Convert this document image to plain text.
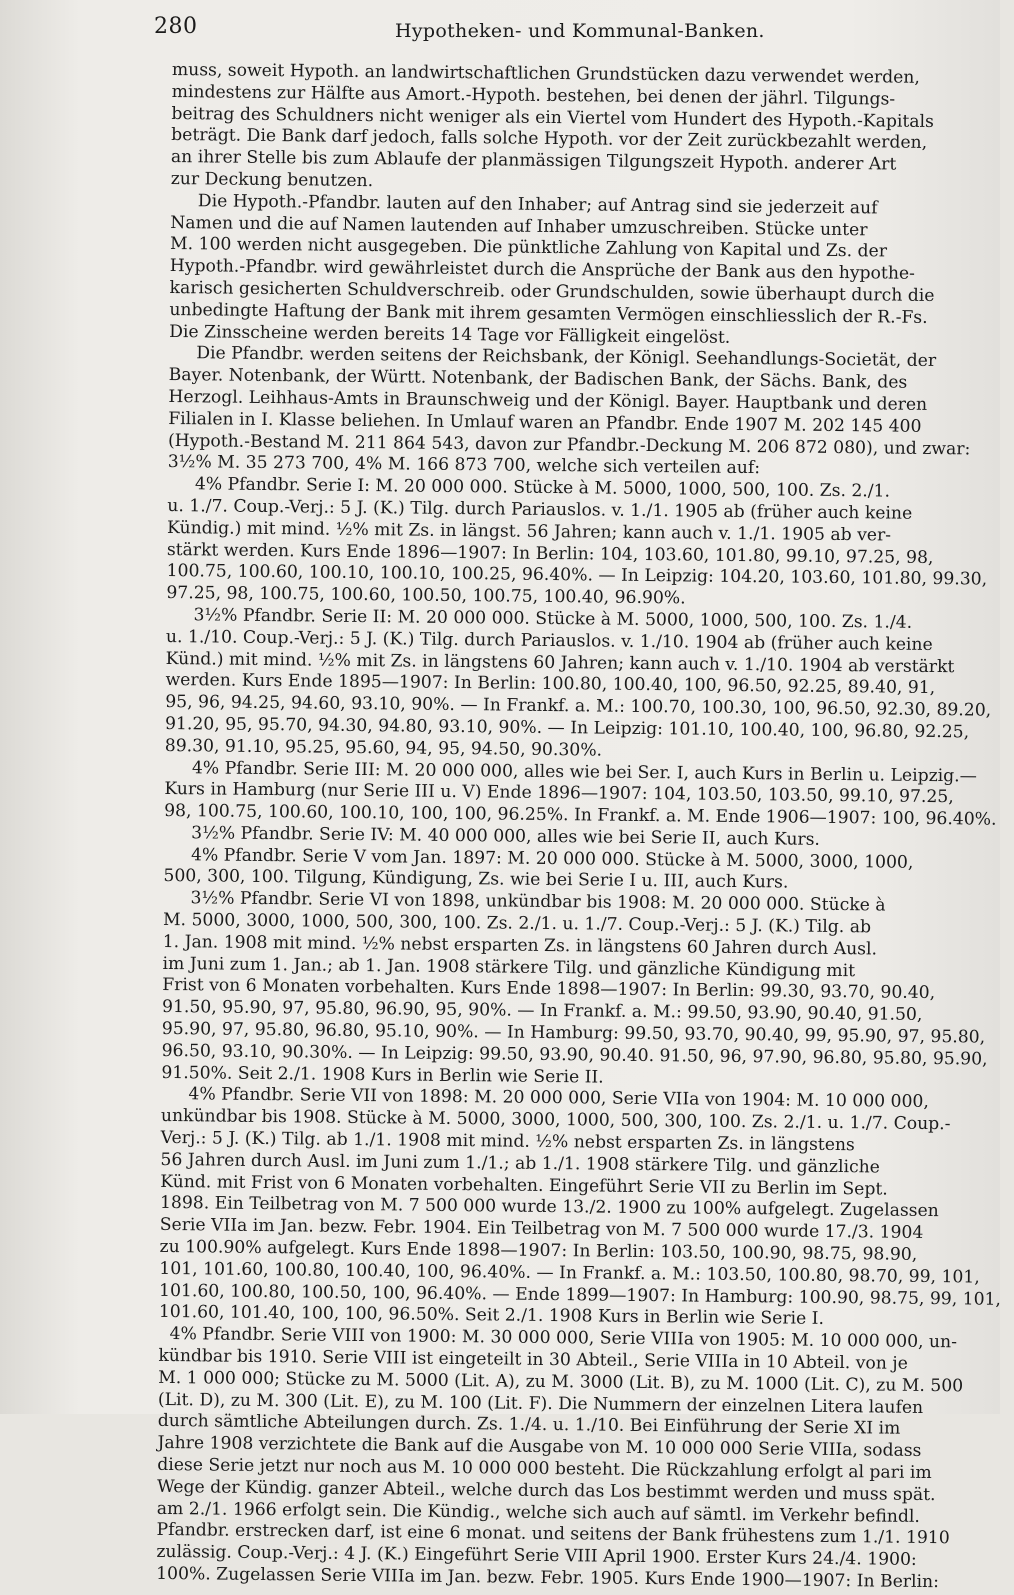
280	Hypotheken- und Kommunal-Banken.
muss, soweit Hypoth. an landwirtschaftlichen Grundstücken dazu verwendet werden,
mindestens zur Hälfte aus Amort.-Hypoth. bestehen, bei denen der jährl. Tilgungs-
beitrag des Schuldners nicht weniger als ein Viertel vom Hundert des Hypoth.-Kapitals
beträgt. Die Bank darf jedoch, falls solche Hypoth. vor der Zeit zurückbezahlt werden,
an ihrer Stelle bis zum Ablaufe der planmässigen Tilgungszeit Hypoth. anderer Art
zur Deckung benutzen.
Die Hypoth.-Pfandbr. lauten auf den Inhaber; auf Antrag sind sie jederzeit auf
Namen und die auf Namen lautenden auf Inhaber umzuschreiben. Stücke unter
M. 100 werden nicht ausgegeben. Die pünktliche Zahlung von Kapital und Zs. der
Hypoth.-Pfandbr. wird gewährleistet durch die Ansprüche der Bank aus den hypothe-
karisch gesicherten Schuldverschreib. oder Grundschulden, sowie überhaupt durch die
unbedingte Haftung der Bank mit ihrem gesamten Vermögen einschliesslich der R.-Fs.
Die Zinsscheine werden bereits 14 Tage vor Fälligkeit eingelöst.
Die Pfandbr. werden seitens der Reichsbank, der Königl. Seehandlungs-Societät, der
Bayer. Notenbank, der Württ. Notenbank, der Badischen Bank, der Sächs. Bank, des
Herzogl. Leihhaus-Amts in Braunschweig und der Königl. Bayer. Hauptbank und deren
Filialen in I. Klasse beliehen. In Umlauf waren an Pfandbr. Ende 1907 M. 202 145 400
(Hypoth.-Bestand M. 211 864 543, davon zur Pfandbr.-Deckung M. 206 872 080), und zwar:
3½% M. 35 273 700, 4% M. 166 873 700, welche sich verteilen auf:
4% Pfandbr. Serie I: M. 20 000 000. Stücke à M. 5000, 1000, 500, 100. Zs. 2./1.
u. 1./7. Coup.-Verj.: 5 J. (K.) Tilg. durch Pariauslos. v. 1./1. 1905 ab (früher auch keine
Kündig.) mit mind. ½% mit Zs. in längst. 56 Jahren; kann auch v. 1./1. 1905 ab ver-
stärkt werden. Kurs Ende 1896—1907: In Berlin: 104, 103.60, 101.80, 99.10, 97.25, 98,
100.75, 100.60, 100.10, 100.10, 100.25, 96.40%. — In Leipzig: 104.20, 103.60, 101.80, 99.30,
97.25, 98, 100.75, 100.60, 100.50, 100.75, 100.40, 96.90%.
3½% Pfandbr. Serie II: M. 20 000 000. Stücke à M. 5000, 1000, 500, 100. Zs. 1./4.
u. 1./10. Coup.-Verj.: 5 J. (K.) Tilg. durch Pariauslos. v. 1./10. 1904 ab (früher auch keine
Künd.) mit mind. ½% mit Zs. in längstens 60 Jahren; kann auch v. 1./10. 1904 ab verstärkt
werden. Kurs Ende 1895—1907: In Berlin: 100.80, 100.40, 100, 96.50, 92.25, 89.40, 91,
95, 96, 94.25, 94.60, 93.10, 90%. — In Frankf. a. M.: 100.70, 100.30, 100, 96.50, 92.30, 89.20,
91.20, 95, 95.70, 94.30, 94.80, 93.10, 90%. — In Leipzig: 101.10, 100.40, 100, 96.80, 92.25,
89.30, 91.10, 95.25, 95.60, 94, 95, 94.50, 90.30%.
4% Pfandbr. Serie III: M. 20 000 000, alles wie bei Ser. I, auch Kurs in Berlin u. Leipzig.—
Kurs in Hamburg (nur Serie III u. V) Ende 1896—1907: 104, 103.50, 103.50, 99.10, 97.25,
98, 100.75, 100.60, 100.10, 100, 100, 96.25%. In Frankf. a. M. Ende 1906—1907: 100, 96.40%.
3½% Pfandbr. Serie IV: M. 40 000 000, alles wie bei Serie II, auch Kurs.
4% Pfandbr. Serie V vom Jan. 1897: M. 20 000 000. Stücke à M. 5000, 3000, 1000,
500, 300, 100. Tilgung, Kündigung, Zs. wie bei Serie I u. III, auch Kurs.
3½% Pfandbr. Serie VI von 1898, unkündbar bis 1908: M. 20 000 000. Stücke à
M. 5000, 3000, 1000, 500, 300, 100. Zs. 2./1. u. 1./7. Coup.-Verj.: 5 J. (K.) Tilg. ab
1. Jan. 1908 mit mind. ½% nebst ersparten Zs. in längstens 60 Jahren durch Ausl.
im Juni zum 1. Jan.; ab 1. Jan. 1908 stärkere Tilg. und gänzliche Kündigung mit
Frist von 6 Monaten vorbehalten. Kurs Ende 1898—1907: In Berlin: 99.30, 93.70, 90.40,
91.50, 95.90, 97, 95.80, 96.90, 95, 90%. — In Frankf. a. M.: 99.50, 93.90, 90.40, 91.50,
95.90, 97, 95.80, 96.80, 95.10, 90%. — In Hamburg: 99.50, 93.70, 90.40, 99, 95.90, 97, 95.80,
96.50, 93.10, 90.30%. — In Leipzig: 99.50, 93.90, 90.40. 91.50, 96, 97.90, 96.80, 95.80, 95.90,
91.50%. Seit 2./1. 1908 Kurs in Berlin wie Serie II.
4% Pfandbr. Serie VII von 1898: M. 20 000 000, Serie VIIa von 1904: M. 10 000 000,
unkündbar bis 1908. Stücke à M. 5000, 3000, 1000, 500, 300, 100. Zs. 2./1. u. 1./7. Coup.-
Verj.: 5 J. (K.) Tilg. ab 1./1. 1908 mit mind. ½% nebst ersparten Zs. in längstens
56 Jahren durch Ausl. im Juni zum 1./1.; ab 1./1. 1908 stärkere Tilg. und gänzliche
Künd. mit Frist von 6 Monaten vorbehalten. Eingeführt Serie VII zu Berlin im Sept.
1898. Ein Teilbetrag von M. 7 500 000 wurde 13./2. 1900 zu 100% aufgelegt. Zugelassen
Serie VIIa im Jan. bezw. Febr. 1904. Ein Teilbetrag von M. 7 500 000 wurde 17./3. 1904
zu 100.90% aufgelegt. Kurs Ende 1898—1907: In Berlin: 103.50, 100.90, 98.75, 98.90,
101, 101.60, 100.80, 100.40, 100, 96.40%. — In Frankf. a. M.: 103.50, 100.80, 98.70, 99, 101,
101.60, 100.80, 100.50, 100, 96.40%. — Ende 1899—1907: In Hamburg: 100.90, 98.75, 99, 101,
101.60, 101.40, 100, 100, 96.50%. Seit 2./1. 1908 Kurs in Berlin wie Serie I.
4% Pfandbr. Serie VIII von 1900: M. 30 000 000, Serie VIIIa von 1905: M. 10 000 000, un-
kündbar bis 1910. Serie VIII ist eingeteilt in 30 Abteil., Serie VIIIa in 10 Abteil. von je
M. 1 000 000; Stücke zu M. 5000 (Lit. A), zu M. 3000 (Lit. B), zu M. 1000 (Lit. C), zu M. 500
(Lit. D), zu M. 300 (Lit. E), zu M. 100 (Lit. F). Die Nummern der einzelnen Litera laufen
durch sämtliche Abteilungen durch. Zs. 1./4. u. 1./10. Bei Einführung der Serie XI im
Jahre 1908 verzichtete die Bank auf die Ausgabe von M. 10 000 000 Serie VIIIa, sodass
diese Serie jetzt nur noch aus M. 10 000 000 besteht. Die Rückzahlung erfolgt al pari im
Wege der Kündig. ganzer Abteil., welche durch das Los bestimmt werden und muss spät.
am 2./1. 1966 erfolgt sein. Die Kündig., welche sich auch auf sämtl. im Verkehr befindl.
Pfandbr. erstrecken darf, ist eine 6 monat. und seitens der Bank frühestens zum 1./1. 1910
zulässig. Coup.-Verj.: 4 J. (K.) Eingeführt Serie VIII April 1900. Erster Kurs 24./4. 1900:
100%. Zugelassen Serie VIIIa im Jan. bezw. Febr. 1905. Kurs Ende 1900—1907: In Berlin:
